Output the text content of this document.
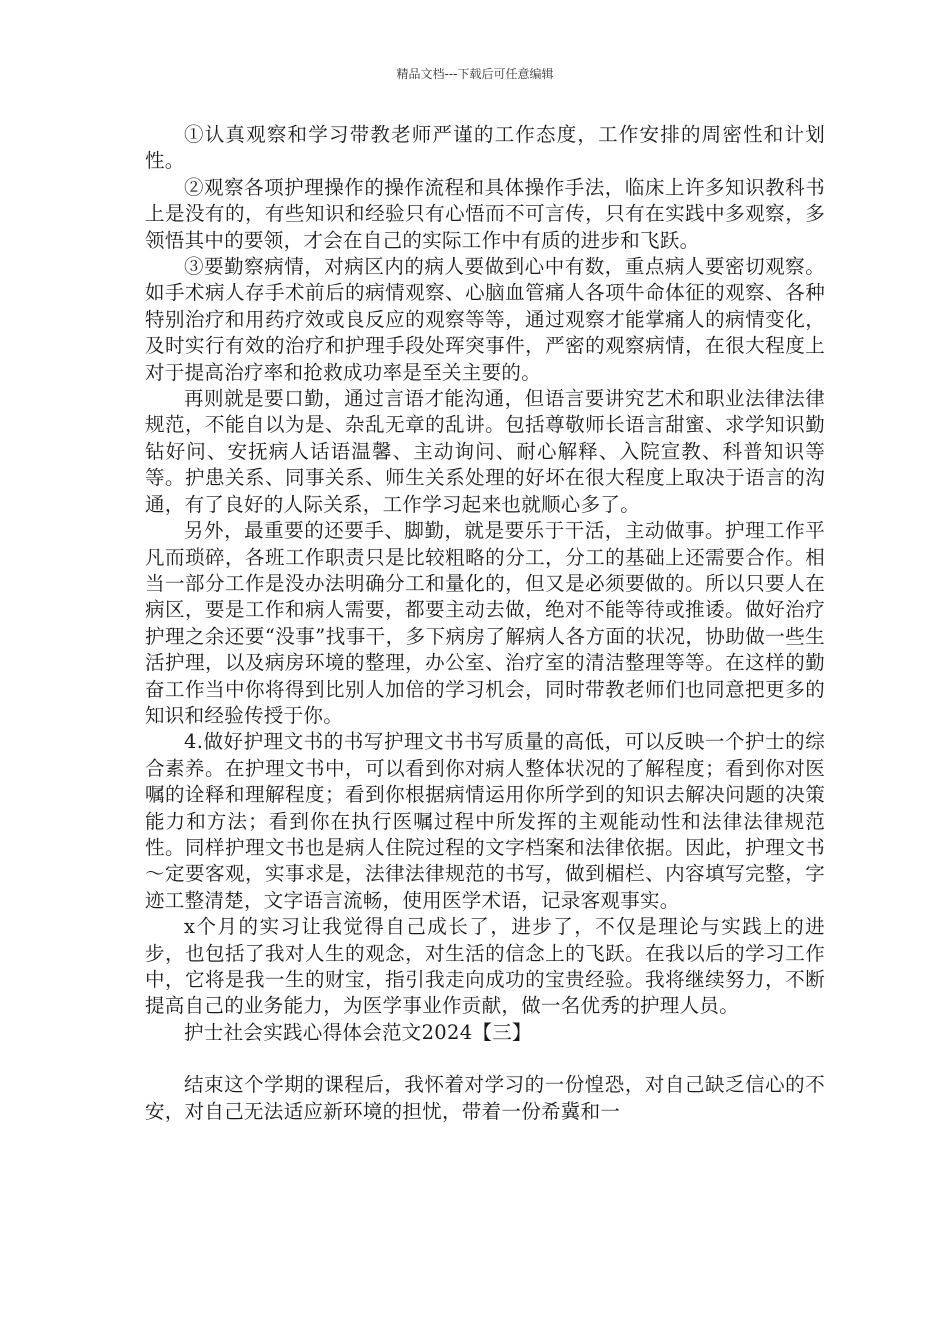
精品文档---下载后可任意编辑

①认真观察和学习带教老师严谨的工作态度，工作安排的周密性和计划性。

②观察各项护理操作的操作流程和具体操作手法，临床上许多知识教科书上是没有的，有些知识和经验只有心悟而不可言传，只有在实践中多观察，多领悟其中的要领，才会在自己的实际工作中有质的进步和飞跃。

③要勤察病情，对病区内的病人要做到心中有数，重点病人要密切观察。如手术病人存手术前后的病情观察、心脑血管痛人各项牛命体征的观察、各种特别治疗和用药疗效或良反应的观察等等，通过观察才能掌痛人的病情变化，及时实行有效的治疗和护理手段处珲突事件，严密的观察病情，在很大程度上对于提高治疗率和抢救成功率是至关主要的。

再则就是要口勤，通过言语才能沟通，但语言要讲究艺术和职业法律法律规范，不能自以为是、杂乱无章的乱讲。包括尊敬师长语言甜蜜、求学知识勤钻好问、安抚病人话语温馨、主动询问、耐心解释、入院宣教、科普知识等等。护患关系、同事关系、师生关系处理的好坏在很大程度上取决于语言的沟通，有了良好的人际关系，工作学习起来也就顺心多了。

另外，最重要的还要手、脚勤，就是要乐于干活，主动做事。护理工作平凡而琐碎，各班工作职责只是比较粗略的分工，分工的基础上还需要合作。相当一部分工作是没办法明确分工和量化的，但又是必须要做的。所以只要人在病区，要是工作和病人需要，都要主动去做，绝对不能等待或推诿。做好治疗护理之余还要“没事”找事干，多下病房了解病人各方面的状况，协助做一些生活护理，以及病房环境的整理，办公室、治疗室的清洁整理等等。在这样的勤奋工作当中你将得到比别人加倍的学习机会，同时带教老师们也同意把更多的知识和经验传授于你。

4.做好护理文书的书写护理文书书写质量的高低，可以反映一个护士的综合素养。在护理文书中，可以看到你对病人整体状况的了解程度；看到你对医嘱的诠释和理解程度；看到你根据病情运用你所学到的知识去解决问题的决策能力和方法；看到你在执行医嘱过程中所发挥的主观能动性和法律法律规范性。同样护理文书也是病人住院过程的文字档案和法律依据。因此，护理文书～定要客观，实事求是，法律法律规范的书写，做到楣栏、内容填写完整，字迹工整清楚，文字语言流畅，使用医学术语，记录客观事实。

x个月的实习让我觉得自己成长了，进步了，不仅是理论与实践上的进步，也包括了我对人生的观念，对生活的信念上的飞跃。在我以后的学习工作中，它将是我一生的财宝，指引我走向成功的宝贵经验。我将继续努力，不断提高自己的业务能力，为医学事业作贡献，做一名优秀的护理人员。

护士社会实践心得体会范文2024【三】

结束这个学期的课程后，我怀着对学习的一份惶恐，对自己缺乏信心的不安，对自己无法适应新环境的担忧，带着一份希冀和一
